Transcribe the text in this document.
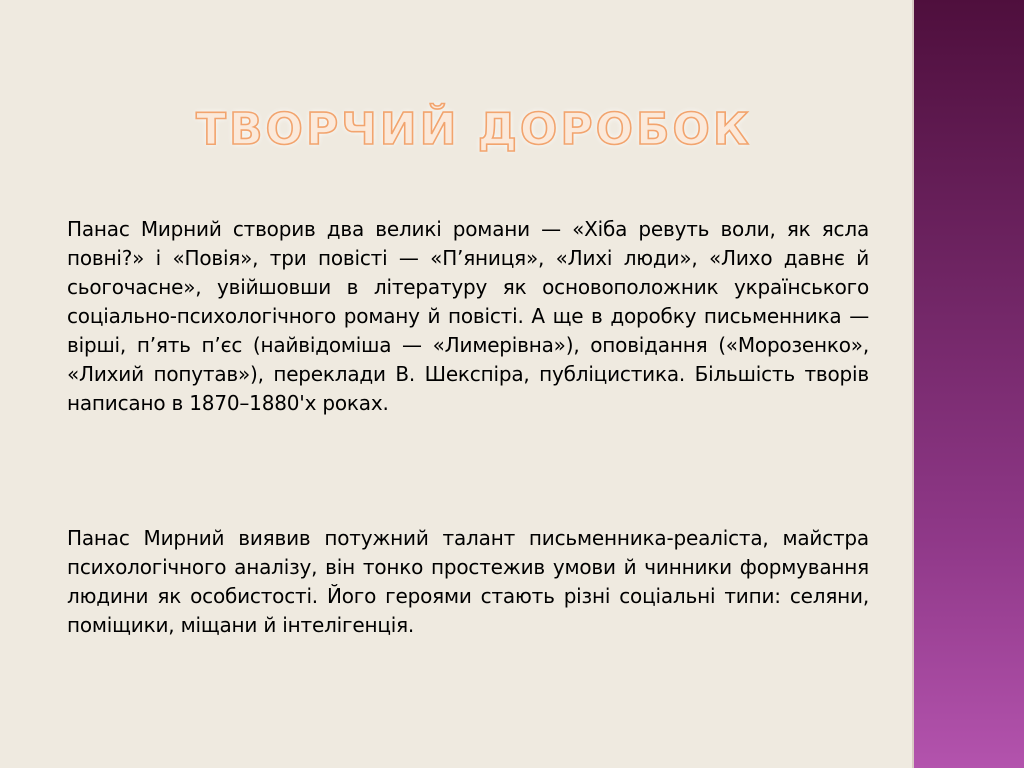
ТВОРЧИЙ ДОРОБОК

Панас Мирний створив два великі романи — «Хіба ревуть воли, як ясла повні?» і «Повія», три повісті — «П’яниця», «Лихі люди», «Лихо давнє й сьогочасне», увійшовши в літературу як основоположник українського соціально-психологічного роману й повісті. А ще в доробку письменника — вірші, п’ять п’єс (найвідоміша — «Лимерівна»), оповідання («Морозенко», «Лихий попутав»), переклади В. Шекспіра, публіцистика. Більшість творів написано в 1870–1880'х роках.

Панас Мирний виявив потужний талант письменника-реаліста, майстра психологічного аналізу, він тонко простежив умови й чинники формування людини як особистості. Його героями стають різні соціальні типи: селяни, поміщики, міщани й інтелігенція.
